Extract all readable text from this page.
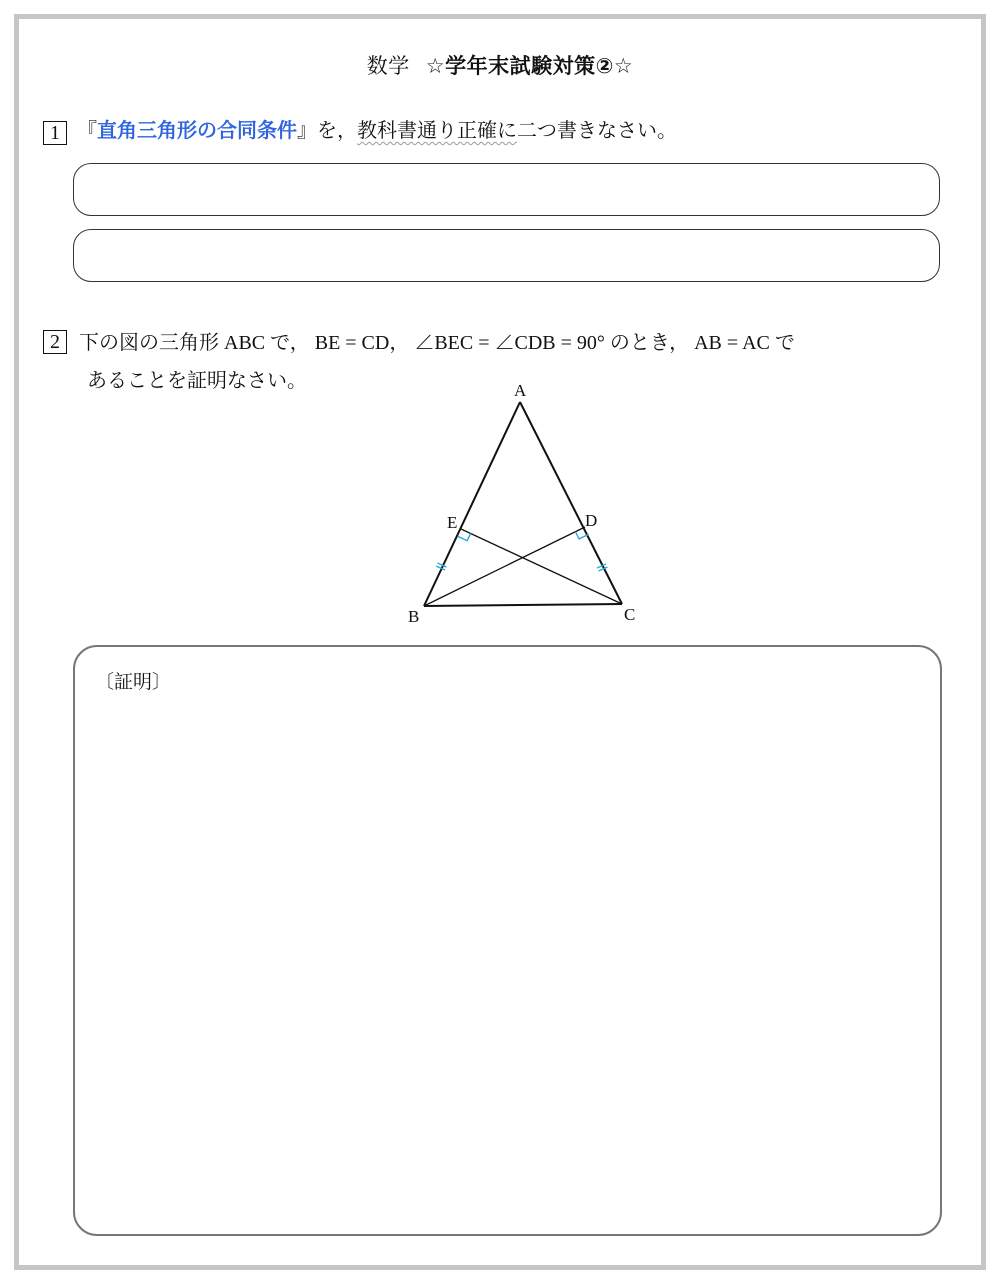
数学 ☆学年末試験対策②☆
1 『直角三角形の合同条件』を，教科書通り正確に二つ書きなさい。
2 下の図の三角形 ABC で， BE = CD， ∠BEC = ∠CDB = 90° のとき， AB = AC で
あることを証明なさい。	A
B	C
D
E
〔証明〕
